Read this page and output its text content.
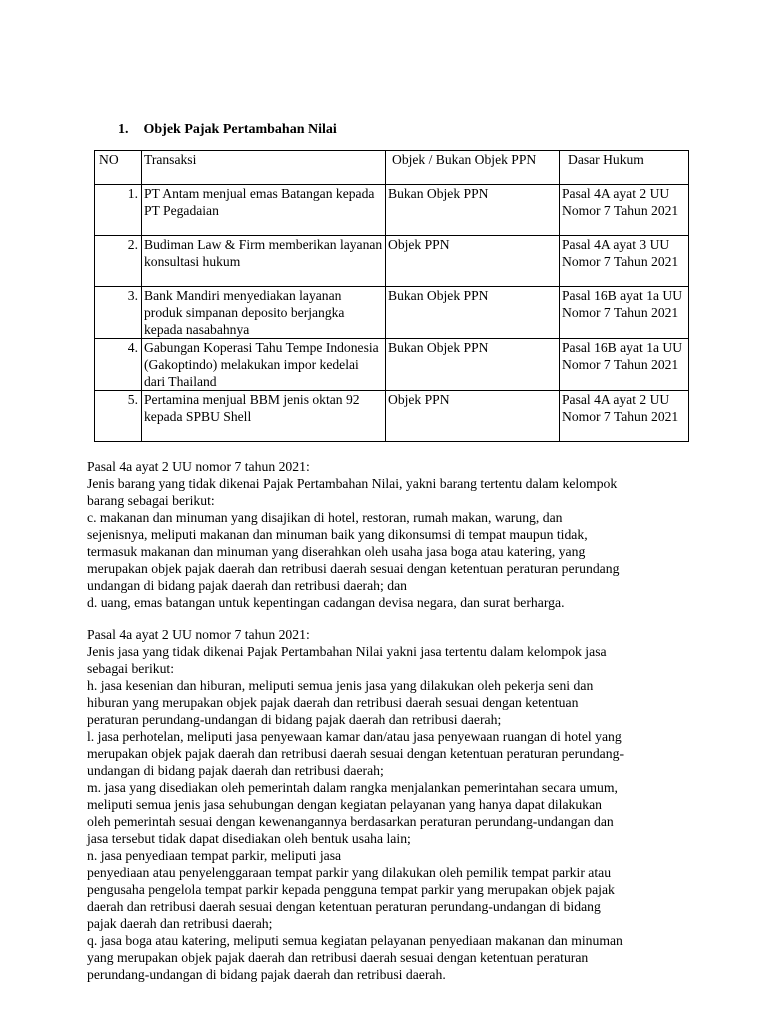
1. Objek Pajak Pertambahan Nilai
NO	Transaksi	Objek / Bukan Objek PPN	Dasar Hukum
1.	PT Antam menjual emas Batangan kepada PT Pegadaian	Bukan Objek PPN	Pasal 4A ayat 2 UU Nomor 7 Tahun 2021
2.	Budiman Law & Firm memberikan layanan konsultasi hukum	Objek PPN	Pasal 4A ayat 3 UU Nomor 7 Tahun 2021
3.	Bank Mandiri menyediakan layanan produk simpanan deposito berjangka kepada nasabahnya	Bukan Objek PPN	Pasal 16B ayat 1a UU Nomor 7 Tahun 2021
4.	Gabungan Koperasi Tahu Tempe Indonesia (Gakoptindo) melakukan impor kedelai dari Thailand	Bukan Objek PPN	Pasal 16B ayat 1a UU Nomor 7 Tahun 2021
5.	Pertamina menjual BBM jenis oktan 92 kepada SPBU Shell	Objek PPN	Pasal 4A ayat 2 UU Nomor 7 Tahun 2021

Pasal 4a ayat 2 UU nomor 7 tahun 2021:

Jenis barang yang tidak dikenai Pajak Pertambahan Nilai, yakni barang tertentu dalam kelompok

barang sebagai berikut:

c. makanan dan minuman yang disajikan di hotel, restoran, rumah makan, warung, dan

sejenisnya, meliputi makanan dan minuman baik yang dikonsumsi di tempat maupun tidak,

termasuk makanan dan minuman yang diserahkan oleh usaha jasa boga atau katering, yang

merupakan objek pajak daerah dan retribusi daerah sesuai dengan ketentuan peraturan perundang

undangan di bidang pajak daerah dan retribusi daerah; dan

d. uang, emas batangan untuk kepentingan cadangan devisa negara, dan surat berharga.

Pasal 4a ayat 2 UU nomor 7 tahun 2021:

Jenis jasa yang tidak dikenai Pajak Pertambahan Nilai yakni jasa tertentu dalam kelompok jasa

sebagai berikut:

h. jasa kesenian dan hiburan, meliputi semua jenis jasa yang dilakukan oleh pekerja seni dan

hiburan yang merupakan objek pajak daerah dan retribusi daerah sesuai dengan ketentuan

peraturan perundang-undangan di bidang pajak daerah dan retribusi daerah;

l. jasa perhotelan, meliputi jasa penyewaan kamar dan/atau jasa penyewaan ruangan di hotel yang

merupakan objek pajak daerah dan retribusi daerah sesuai dengan ketentuan peraturan perundang-

undangan di bidang pajak daerah dan retribusi daerah;

m. jasa yang disediakan oleh pemerintah dalam rangka menjalankan pemerintahan secara umum,

meliputi semua jenis jasa sehubungan dengan kegiatan pelayanan yang hanya dapat dilakukan

oleh pemerintah sesuai dengan kewenangannya berdasarkan peraturan perundang-undangan dan

jasa tersebut tidak dapat disediakan oleh bentuk usaha lain;

n. jasa penyediaan tempat parkir, meliputi jasa

penyediaan atau penyelenggaraan tempat parkir yang dilakukan oleh pemilik tempat parkir atau

pengusaha pengelola tempat parkir kepada pengguna tempat parkir yang merupakan objek pajak

daerah dan retribusi daerah sesuai dengan ketentuan peraturan perundang-undangan di bidang

pajak daerah dan retribusi daerah;

q. jasa boga atau katering, meliputi semua kegiatan pelayanan penyediaan makanan dan minuman

yang merupakan objek pajak daerah dan retribusi daerah sesuai dengan ketentuan peraturan

perundang-undangan di bidang pajak daerah dan retribusi daerah.
